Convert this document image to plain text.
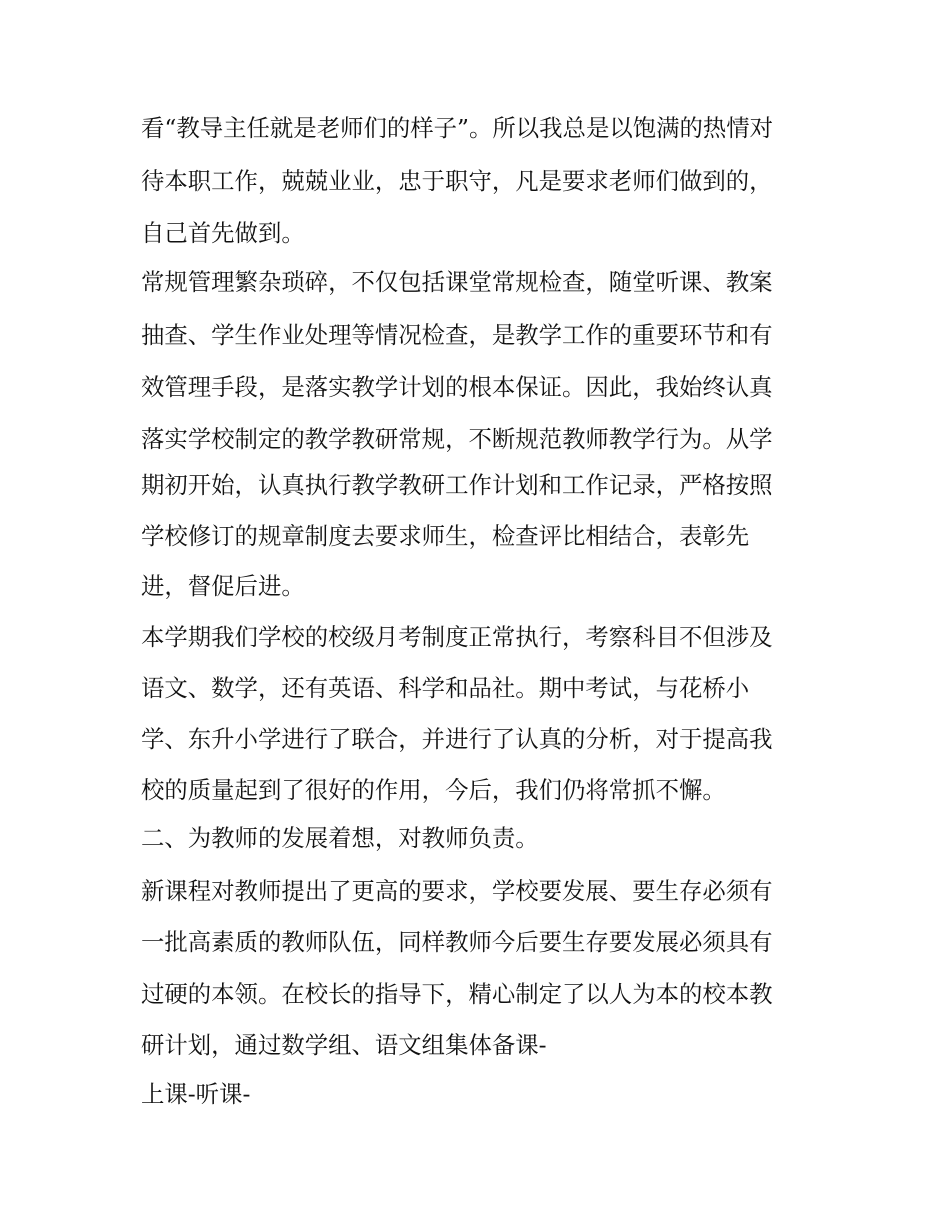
看“教导主任就是老师们的样子”。所以我总是以饱满的热情对
待本职工作，兢兢业业，忠于职守，凡是要求老师们做到的，
自己首先做到。
常规管理繁杂琐碎，不仅包括课堂常规检查，随堂听课、教案
抽查、学生作业处理等情况检查，是教学工作的重要环节和有
效管理手段，是落实教学计划的根本保证。因此，我始终认真
落实学校制定的教学教研常规，不断规范教师教学行为。从学
期初开始，认真执行教学教研工作计划和工作记录，严格按照
学校修订的规章制度去要求师生，检查评比相结合，表彰先
进，督促后进。
本学期我们学校的校级月考制度正常执行，考察科目不但涉及
语文、数学，还有英语、科学和品社。期中考试，与花桥小
学、东升小学进行了联合，并进行了认真的分析，对于提高我
校的质量起到了很好的作用，今后，我们仍将常抓不懈。
二、为教师的发展着想，对教师负责。
新课程对教师提出了更高的要求，学校要发展、要生存必须有
一批高素质的教师队伍，同样教师今后要生存要发展必须具有
过硬的本领。在校长的指导下，精心制定了以人为本的校本教
研计划，通过数学组、语文组集体备课-
上课-听课-
